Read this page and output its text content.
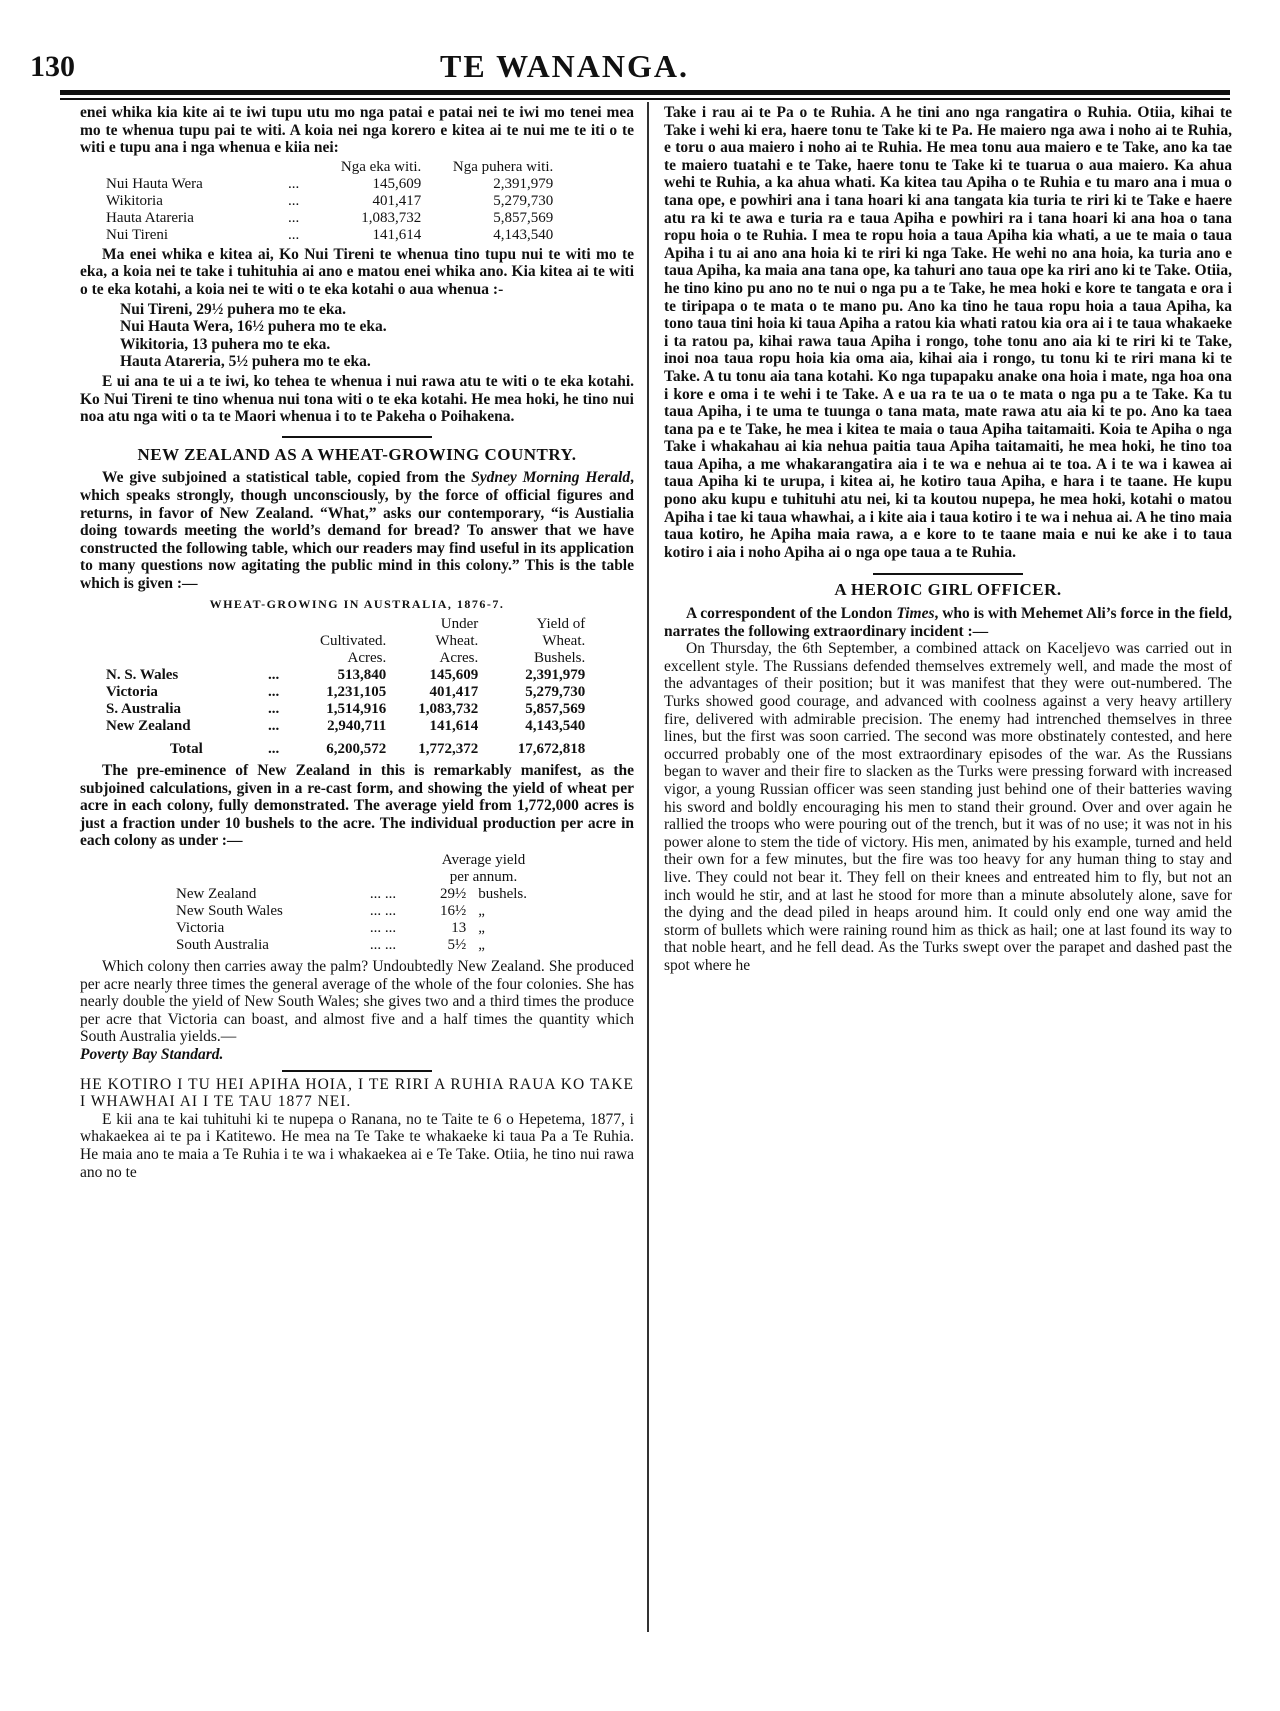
130	TE WANANGA.

enei whika kia kite ai te iwi tupu utu mo nga patai e patai nei te iwi mo tenei mea mo te whenua tupu pai te witi. A koia nei nga korero e kitea ai te nui me te iti o te witi e tupu ana i nga whenua e kiia nei:

		Nga eka witi.	Nga puhera witi.
Nui Hauta Wera	...	145,609	2,391,979
Wikitoria	...	401,417	5,279,730
Hauta Atareria	...	1,083,732	5,857,569
Nui Tireni	...	141,614	4,143,540

Ma enei whika e kitea ai, Ko Nui Tireni te whenua tino tupu nui te witi mo te eka, a koia nei te take i tuhituhia ai ano e matou enei whika ano. Kia kitea ai te witi o te eka kotahi, a koia nei te witi o te eka kotahi o aua whenua :-

Nui Tireni, 29½ puhera mo te eka.
Nui Hauta Wera, 16½ puhera mo te eka.
Wikitoria, 13 puhera mo te eka.
Hauta Atareria, 5½ puhera mo te eka.

E ui ana te ui a te iwi, ko tehea te whenua i nui rawa atu te witi o te eka kotahi. Ko Nui Tireni te tino whenua nui tona witi o te eka kotahi. He mea hoki, he tino nui noa atu nga witi o ta te Maori whenua i to te Pakeha o Poihakena.

NEW ZEALAND AS A WHEAT-GROWING COUNTRY.

We give subjoined a statistical table, copied from the Sydney Morning Herald, which speaks strongly, though unconsciously, by the force of official figures and returns, in favor of New Zealand. “What,” asks our contemporary, “is Austialia doing towards meeting the world’s demand for bread? To answer that we have constructed the following table, which our readers may find useful in its application to many questions now agitating the public mind in this colony.” This is the table which is given :—

WHEAT-GROWING IN AUSTRALIA, 1876-7.
			Under	Yield of
		Cultivated.	Wheat.	Wheat.
		Acres.	Acres.	Bushels.
N. S. Wales	...	513,840	145,609	2,391,979
Victoria	...	1,231,105	401,417	5,279,730
S. Australia	...	1,514,916	1,083,732	5,857,569
New Zealand	...	2,940,711	141,614	4,143,540
Total	...	6,200,572	1,772,372	17,672,818

The pre-eminence of New Zealand in this is remarkably manifest, as the subjoined calculations, given in a re-cast form, and showing the yield of wheat per acre in each colony, fully demonstrated. The average yield from 1,772,000 acres is just a fraction under 10 bushels to the acre. The individual production per acre in each colony as under :—

		Average yield	
		per annum.	
New Zealand	... ...	29½	bushels.
New South Wales	... ...	16½	„
Victoria	... ...	13	„
South Australia	... ...	5½	„

Which colony then carries away the palm? Undoubtedly New Zealand. She produced per acre nearly three times the general average of the whole of the four colonies. She has nearly double the yield of New South Wales; she gives two and a third times the produce per acre that Victoria can boast, and almost five and a half times the quantity which South Australia yields.—

Poverty Bay Standard.

HE KOTIRO I TU HEI APIHA HOIA, I TE RIRI A RUHIA RAUA KO TAKE I WHAWHAI AI I TE TAU 1877 NEI.

E kii ana te kai tuhituhi ki te nupepa o Ranana, no te Taite te 6 o Hepetema, 1877, i whakaekea ai te pa i Katitewo. He mea na Te Take te whakaeke ki taua Pa a Te Ruhia. He maia ano te maia a Te Ruhia i te wa i whakaekea ai e Te Take. Otiia, he tino nui rawa ano no te

Take i rau ai te Pa o te Ruhia. A he tini ano nga rangatira o Ruhia. Otiia, kihai te Take i wehi ki era, haere tonu te Take ki te Pa. He maiero nga awa i noho ai te Ruhia, e toru o aua maiero i noho ai te Ruhia. He mea tonu aua maiero e te Take, ano ka tae te maiero tuatahi e te Take, haere tonu te Take ki te tuarua o aua maiero. Ka ahua wehi te Ruhia, a ka ahua whati. Ka kitea tau Apiha o te Ruhia e tu maro ana i mua o tana ope, e powhiri ana i tana hoari ki ana tangata kia turia te riri ki te Take e haere atu ra ki te awa e turia ra e taua Apiha e powhiri ra i tana hoari ki ana hoa o tana ropu hoia o te Ruhia. I mea te ropu hoia a taua Apiha kia whati, a ue te maia o taua Apiha i tu ai ano ana hoia ki te riri ki nga Take. He wehi no ana hoia, ka turia ano e taua Apiha, ka maia ana tana ope, ka tahuri ano taua ope ka riri ano ki te Take. Otiia, he tino kino pu ano no te nui o nga pu a te Take, he mea hoki e kore te tangata e ora i te tiripapa o te mata o te mano pu. Ano ka tino he taua ropu hoia a taua Apiha, ka tono taua tini hoia ki taua Apiha a ratou kia whati ratou kia ora ai i te taua whakaeke i ta ratou pa, kihai rawa taua Apiha i rongo, tohe tonu ano aia ki te riri ki te Take, inoi noa taua ropu hoia kia oma aia, kihai aia i rongo, tu tonu ki te riri mana ki te Take. A tu tonu aia tana kotahi. Ko nga tupapaku anake ona hoia i mate, nga hoa ona i kore e oma i te wehi i te Take. A e ua ra te ua o te mata o nga pu a te Take. Ka tu taua Apiha, i te uma te tuunga o tana mata, mate rawa atu aia ki te po. Ano ka taea tana pa e te Take, he mea i kitea te maia o taua Apiha taitamaiti. Koia te Apiha o nga Take i whakahau ai kia nehua paitia taua Apiha taitamaiti, he mea hoki, he tino toa taua Apiha, a me whakarangatira aia i te wa e nehua ai te toa. A i te wa i kawea ai taua Apiha ki te urupa, i kitea ai, he kotiro taua Apiha, e hara i te taane. He kupu pono aku kupu e tuhituhi atu nei, ki ta koutou nupepa, he mea hoki, kotahi o matou Apiha i tae ki taua whawhai, a i kite aia i taua kotiro i te wa i nehua ai. A he tino maia taua kotiro, he Apiha maia rawa, a e kore to te taane maia e nui ke ake i to taua kotiro i aia i noho Apiha ai o nga ope taua a te Ruhia.

A HEROIC GIRL OFFICER.

A correspondent of the London Times, who is with Mehemet Ali’s force in the field, narrates the following extraordinary incident :—

On Thursday, the 6th September, a combined attack on Kaceljevo was carried out in excellent style. The Russians defended themselves extremely well, and made the most of the advantages of their position; but it was manifest that they were out-numbered. The Turks showed good courage, and advanced with coolness against a very heavy artillery fire, delivered with admirable precision. The enemy had intrenched themselves in three lines, but the first was soon carried. The second was more obstinately contested, and here occurred probably one of the most extraordinary episodes of the war. As the Russians began to waver and their fire to slacken as the Turks were pressing forward with increased vigor, a young Russian officer was seen standing just behind one of their batteries waving his sword and boldly encouraging his men to stand their ground. Over and over again he rallied the troops who were pouring out of the trench, but it was of no use; it was not in his power alone to stem the tide of victory. His men, animated by his example, turned and held their own for a few minutes, but the fire was too heavy for any human thing to stay and live. They could not bear it. They fell on their knees and entreated him to fly, but not an inch would he stir, and at last he stood for more than a minute absolutely alone, save for the dying and the dead piled in heaps around him. It could only end one way amid the storm of bullets which were raining round him as thick as hail; one at last found its way to that noble heart, and he fell dead. As the Turks swept over the parapet and dashed past the spot where he
